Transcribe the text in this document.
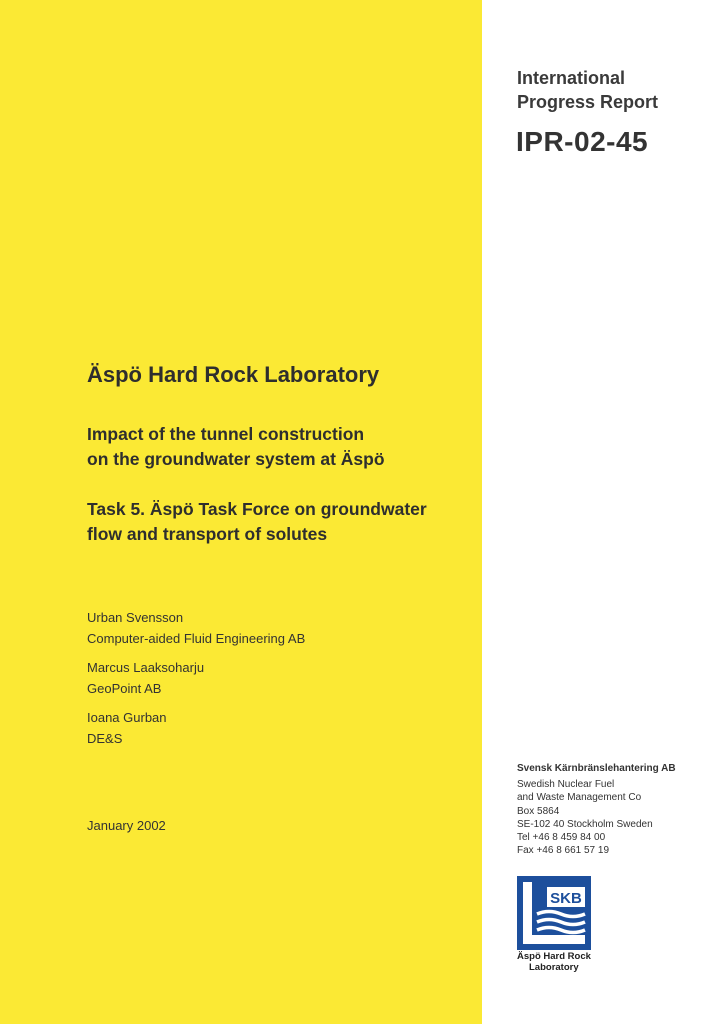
International
Progress Report
IPR-02-45
Äspö Hard Rock Laboratory
Impact of the tunnel construction
on the groundwater system at Äspö
Task 5. Äspö Task Force on groundwater
flow and transport of solutes
Urban Svensson
Computer-aided Fluid Engineering AB
Marcus Laaksoharju
GeoPoint AB
Ioana Gurban
DE&S
January 2002
Svensk Kärnbränslehantering AB
Swedish Nuclear Fuel
and Waste Management Co
Box 5864
SE-102 40 Stockholm Sweden
Tel +46 8 459 84 00
Fax +46 8 661 57 19
SKB
Äspö Hard Rock
Laboratory
